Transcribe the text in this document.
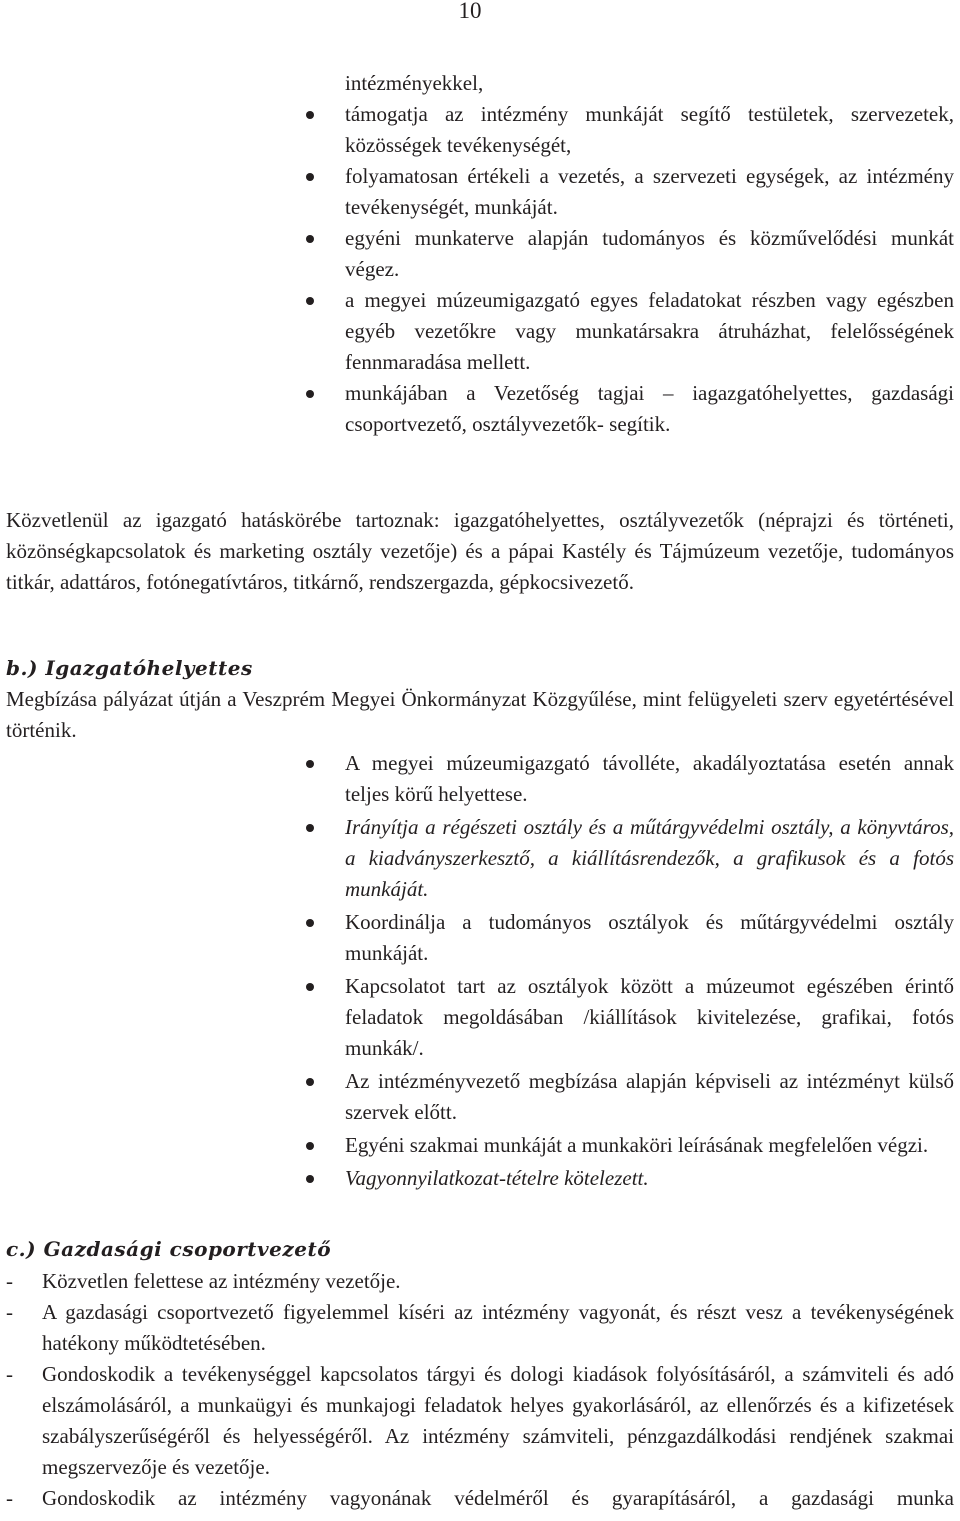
10
intézményekkel,
támogatja az intézmény munkáját segítő testületek, szervezetek, közösségek tevékenységét,
folyamatosan értékeli a vezetés, a szervezeti egységek, az intézmény tevékenységét, munkáját.
egyéni munkaterve alapján tudományos és közművelődési munkát végez.
a megyei múzeumigazgató egyes feladatokat részben vagy egészben egyéb vezetőkre vagy munkatársakra átruházhat, felelősségének fennmaradása mellett.
munkájában a Vezetőség tagjai – iagazgatóhelyettes, gazdasági csoportvezető, osztályvezetők- segítik.

Közvetlenül az igazgató hatáskörébe tartoznak: igazgatóhelyettes, osztályvezetők (néprajzi és történeti, közönségkapcsolatok és marketing osztály vezetője) és a pápai Kastély és Tájmúzeum vezetője, tudományos titkár, adattáros, fotónegatívtáros, titkárnő, rendszergazda, gépkocsivezető.

b.) Igazgatóhelyettes

Megbízása pályázat útján a Veszprém Megyei Önkormányzat Közgyűlése, mint felügyeleti szerv egyetértésével történik.

A megyei múzeumigazgató távolléte, akadályoztatása esetén annak teljes körű helyettese.
Irányítja a régészeti osztály és a műtárgyvédelmi osztály, a könyvtáros, a kiadványszerkesztő, a kiállításrendezők, a grafikusok és a fotós munkáját.
Koordinálja a tudományos osztályok és műtárgyvédelmi osztály munkáját.
Kapcsolatot tart az osztályok között a múzeumot egészében érintő feladatok megoldásában /kiállítások kivitelezése, grafikai, fotós munkák/.
Az intézményvezető megbízása alapján képviseli az intézményt külső szervek előtt.
Egyéni szakmai munkáját a munkaköri leírásának megfelelően végzi.
Vagyonnyilatkozat-tételre kötelezett.
c.) Gazdasági csoportvezető
- Közvetlen felettese az intézmény vezetője.
- A gazdasági csoportvezető figyelemmel kíséri az intézmény vagyonát, és részt vesz a tevékenységének hatékony működtetésében.
- Gondoskodik a tevékenységgel kapcsolatos tárgyi és dologi kiadások folyósításáról, a számviteli és adó elszámolásáról, a munkaügyi és munkajogi feladatok helyes gyakorlásáról, az ellenőrzés és a kifizetések szabályszerűségéről és helyességéről. Az intézmény számviteli, pénzgazdálkodási rendjének szakmai megszervezője és vezetője.
- Gondoskodik az intézmény vagyonának védelméről és gyarapításáról, a gazdasági munka
